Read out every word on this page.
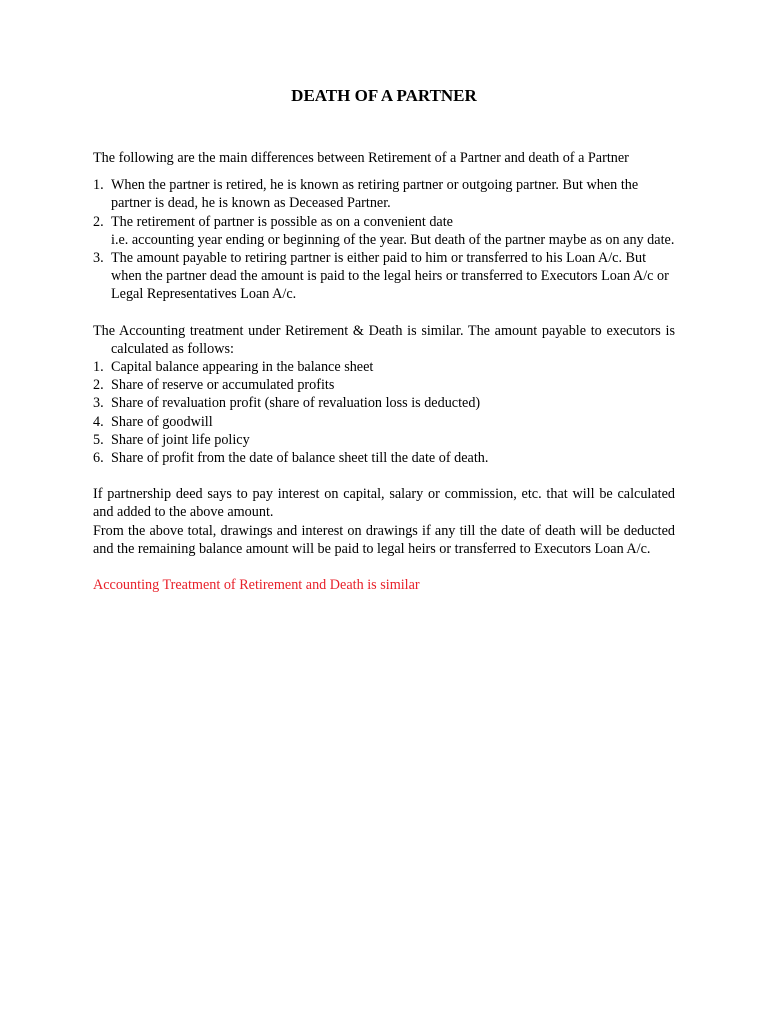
DEATH OF A PARTNER

The following are the main differences between Retirement of a Partner and death of a Partner

1. When the partner is retired, he is known as retiring partner or outgoing partner. But when the partner is dead, he is known as Deceased Partner.
2. The retirement of partner is possible as on a convenient date
i.e. accounting year ending or beginning of the year. But death of the partner maybe as on any date.
3. The amount payable to retiring partner is either paid to him or transferred to his Loan A/c. But when the partner dead the amount is paid to the legal heirs or transferred to Executors Loan A/c or Legal Representatives Loan A/c.

The Accounting treatment under Retirement & Death is similar. The amount payable to executors is calculated as follows:

1. Capital balance appearing in the balance sheet
2. Share of reserve or accumulated profits
3. Share of revaluation profit (share of revaluation loss is deducted)
4. Share of goodwill
5. Share of joint life policy
6. Share of profit from the date of balance sheet till the date of death.

If partnership deed says to pay interest on capital, salary or commission, etc. that will be calculated and added to the above amount.

From the above total, drawings and interest on drawings if any till the date of death will be deducted and the remaining balance amount will be paid to legal heirs or transferred to Executors Loan A/c.

Accounting Treatment of Retirement and Death is similar
